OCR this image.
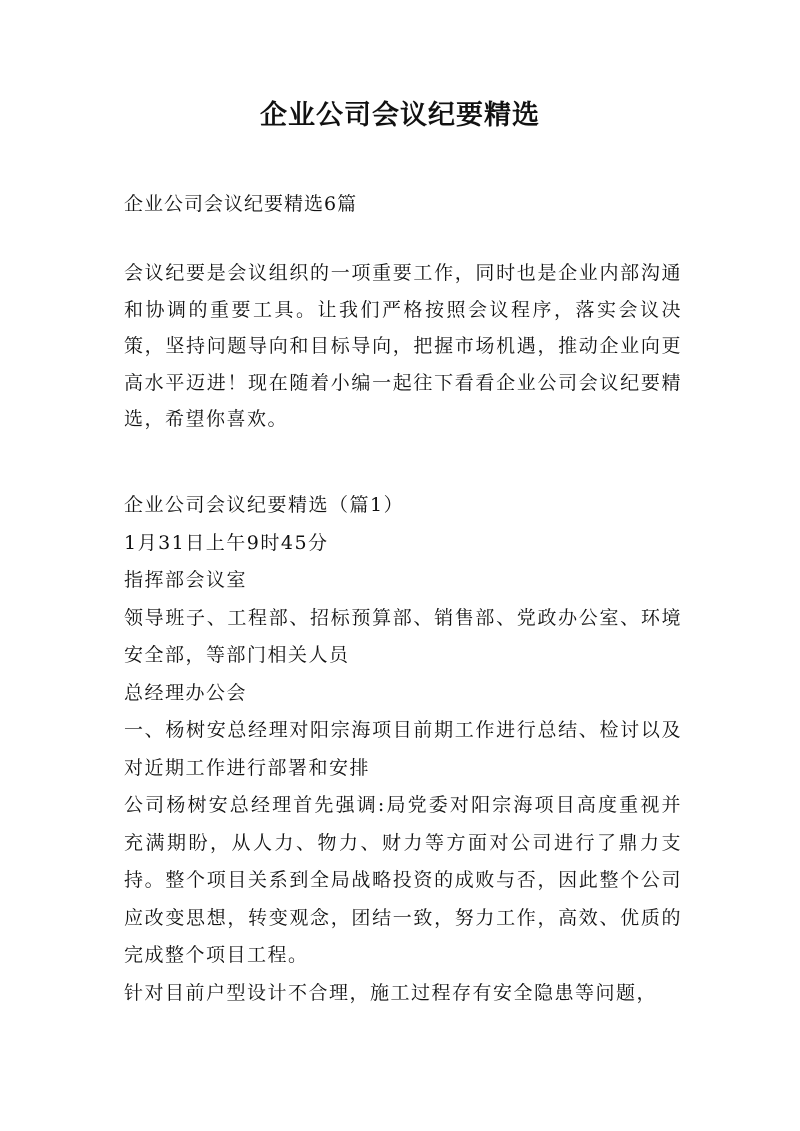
企业公司会议纪要精选
企业公司会议纪要精选6篇
会议纪要是会议组织的一项重要工作，同时也是企业内部沟通和协调的重要工具。让我们严格按照会议程序，落实会议决策，坚持问题导向和目标导向，把握市场机遇，推动企业向更高水平迈进！现在随着小编一起往下看看企业公司会议纪要精选，希望你喜欢。

企业公司会议纪要精选（篇1）

1月31日上午9时45分

指挥部会议室

领导班子、工程部、招标预算部、销售部、党政办公室、环境安全部，等部门相关人员

总经理办公会

一、杨树安总经理对阳宗海项目前期工作进行总结、检讨以及对近期工作进行部署和安排

公司杨树安总经理首先强调:局党委对阳宗海项目高度重视并充满期盼，从人力、物力、财力等方面对公司进行了鼎力支持。整个项目关系到全局战略投资的成败与否，因此整个公司应改变思想，转变观念，团结一致，努力工作，高效、优质的完成整个项目工程。

针对目前户型设计不合理，施工过程存有安全隐患等问题，
